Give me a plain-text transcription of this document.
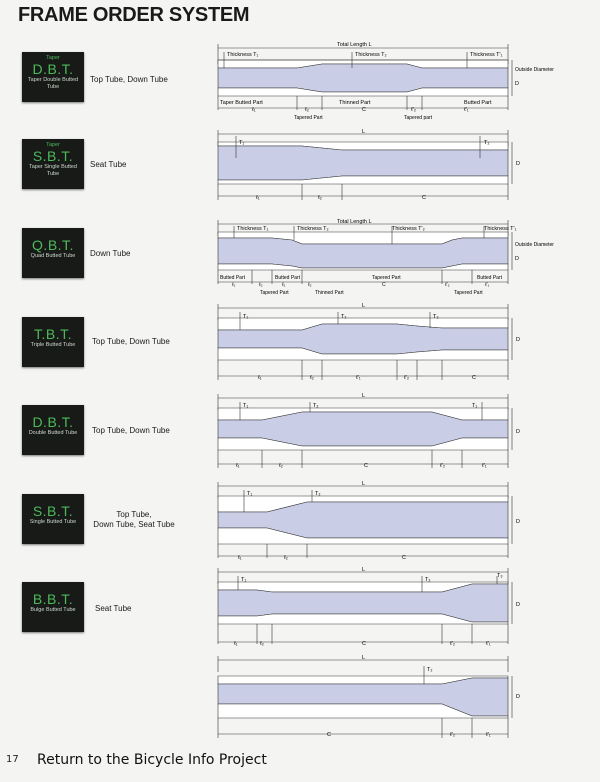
FRAME ORDER SYSTEM
Taper
D.B.T.
Taper Double Butted Tube
Top Tube, Down Tube
Taper
S.B.T.
Taper Single Butted Tube
Seat Tube
Q.B.T.
Quad Butted Tube	Down Tube
T.B.T.
Triple Butted Tube	Top Tube, Down Tube
D.B.T.
Double Butted Tube	Top Tube, Down Tube
S.B.T.
Single Butted Tube
Top Tube,
Down Tube, Seat Tube
B.B.T.
Bulge Butted Tube	Seat Tube
Total Length L
Thickness T₁	Thickness T₂	Thickness T'₁
Outside Diameter
D
Taper Butted Part	Thinned Part	Butted Part
ℓ₁	ℓ₂	C	ℓ'₂	ℓ'₁
Tapered Part	Tapered part
L
T₁	T₂
D
ℓ₁	ℓ₂	C
Total Length L
Thickness T₁	Thickness T₂	Thickness T'₂	Thickness T'₁
Outside Diameter
D
Butted Part	Butted Part	Tapered Part	Butted Part
ℓ₁	ℓ₂	ℓ₁	ℓ₂	C	ℓ'₂	ℓ'₁
Tapered Part	Thinned Part	Tapered Part
L
T₁	T₂	T₃
D
ℓ₁	ℓ₂	ℓ'₁	ℓ'₂	C
L
T₁	T₂	T₁
D
ℓ₁	ℓ₂	C	ℓ'₂	ℓ'₁
L
T₁	T₂
D
ℓ₁	ℓ₂	C
L
T₁	T₂
T₃
D
ℓ₁	ℓ₂	C	ℓ'₂	ℓ'₁
L
T₂
D
C	ℓ'₂	ℓ'₁
17 Return to the Bicycle Info Project
